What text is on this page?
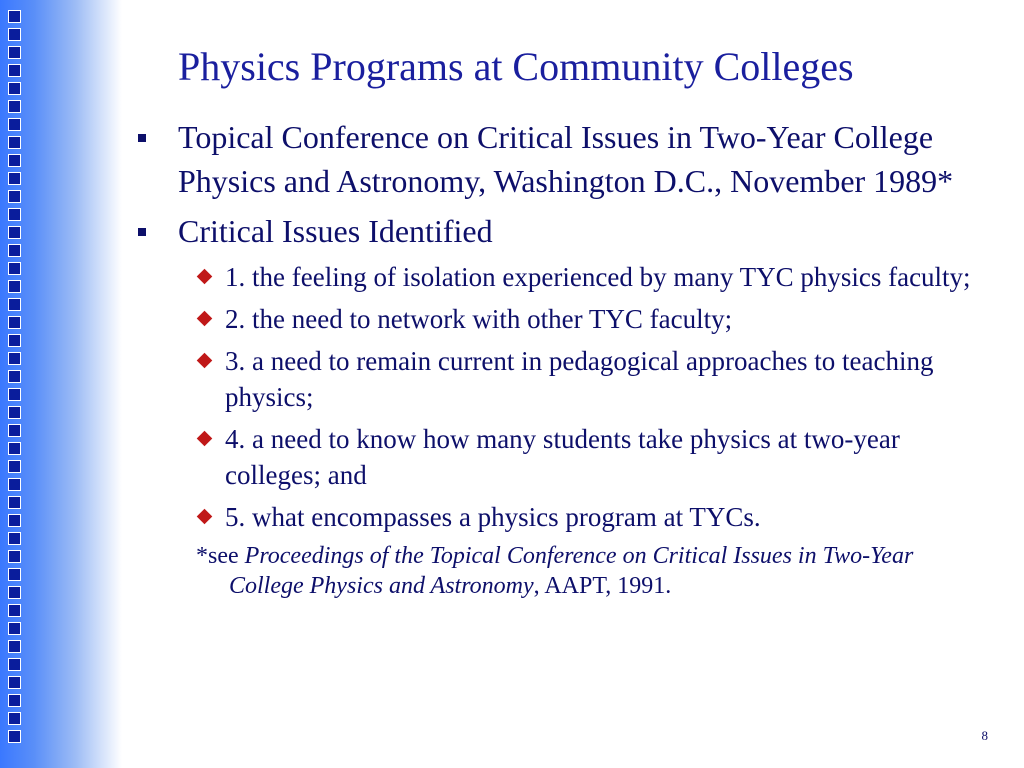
Physics Programs at Community Colleges
Topical Conference on Critical Issues in Two-Year College Physics and Astronomy, Washington D.C., November 1989*
Critical Issues Identified
1. the feeling of isolation experienced by many TYC physics faculty;
2. the need to network with other TYC faculty;
3. a need to remain current in pedagogical approaches to teaching physics;
4. a need to know how many students take physics at two-year colleges; and
5. what encompasses a physics program at TYCs.
*see Proceedings of the Topical Conference on Critical Issues in Two-Year College Physics and Astronomy, AAPT, 1991.
8
